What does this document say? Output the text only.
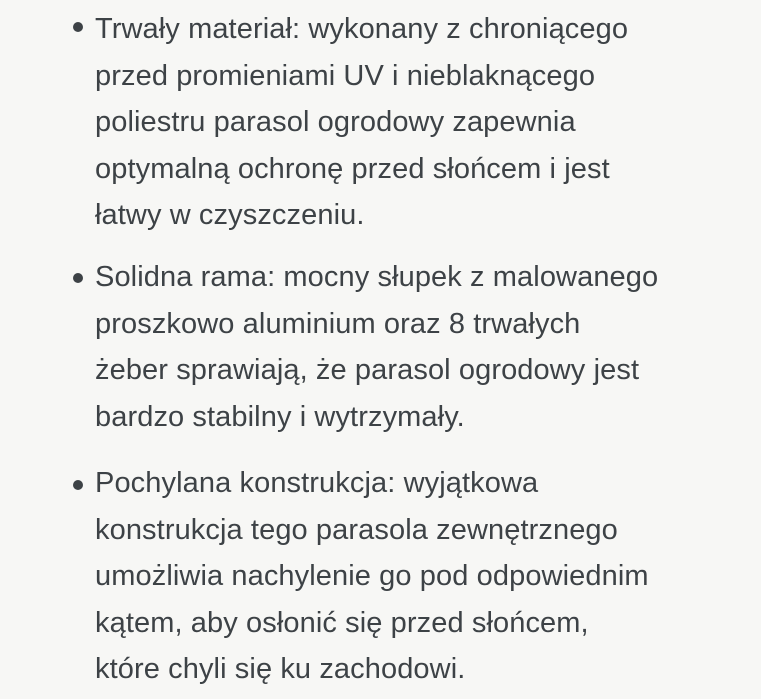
Trwały materiał: wykonany z chroniącego
przed promieniami UV i nieblaknącego
poliestru parasol ogrodowy zapewnia
optymalną ochronę przed słońcem i jest
łatwy w czyszczeniu.

Solidna rama: mocny słupek z malowanego
proszkowo aluminium oraz 8 trwałych
żeber sprawiają, że parasol ogrodowy jest
bardzo stabilny i wytrzymały.

Pochylana konstrukcja: wyjątkowa
konstrukcja tego parasola zewnętrznego
umożliwia nachylenie go pod odpowiednim
kątem, aby osłonić się przed słońcem,
które chyli się ku zachodowi.
